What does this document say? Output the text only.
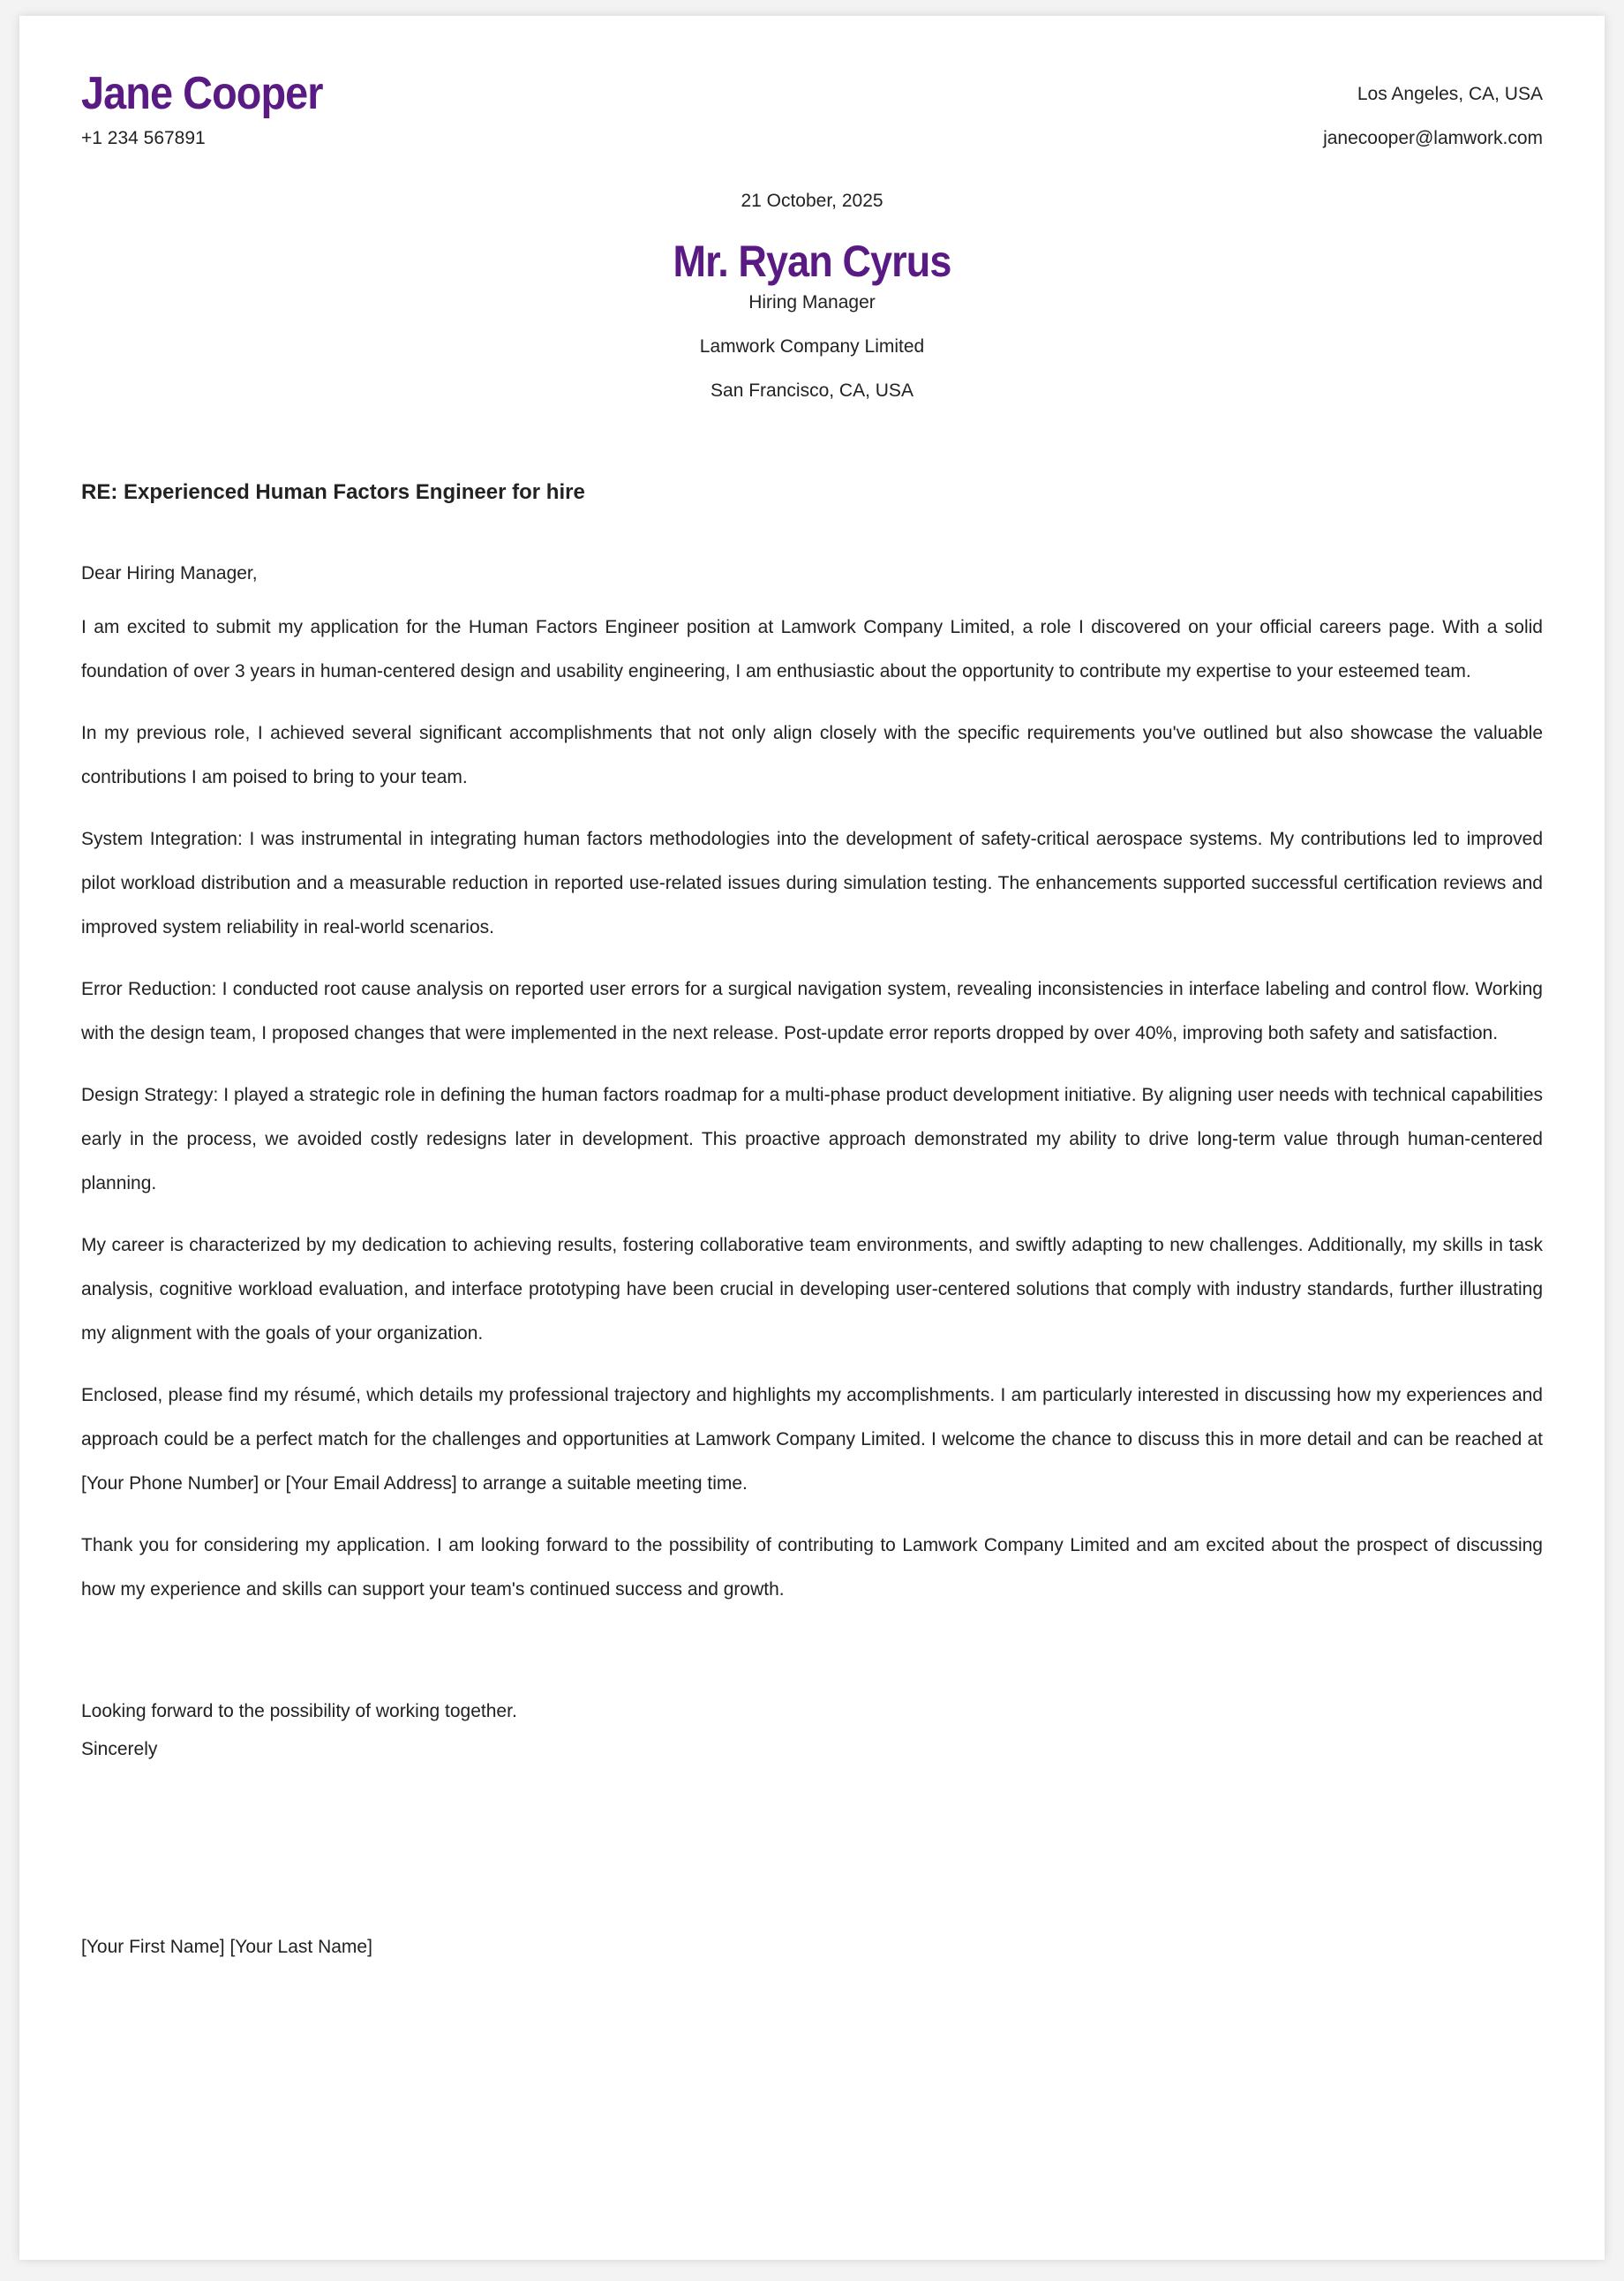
Jane Cooper
+1 234 567891
Los Angeles, CA, USA
janecooper@lamwork.com
21 October, 2025
Mr. Ryan Cyrus
Hiring Manager
Lamwork Company Limited
San Francisco, CA, USA

RE: Experienced Human Factors Engineer for hire

Dear Hiring Manager,

I am excited to submit my application for the Human Factors Engineer position at Lamwork Company Limited, a role I discovered on your official careers page. With a solid foundation of over 3 years in human-centered design and usability engineering, I am enthusiastic about the opportunity to contribute my expertise to your esteemed team.

In my previous role, I achieved several significant accomplishments that not only align closely with the specific requirements you've outlined but also showcase the valuable contributions I am poised to bring to your team.

System Integration: I was instrumental in integrating human factors methodologies into the development of safety-critical aerospace systems. My contributions led to improved pilot workload distribution and a measurable reduction in reported use-related issues during simulation testing. The enhancements supported successful certification reviews and improved system reliability in real-world scenarios.

Error Reduction: I conducted root cause analysis on reported user errors for a surgical navigation system, revealing inconsistencies in interface labeling and control flow. Working with the design team, I proposed changes that were implemented in the next release. Post-update error reports dropped by over 40%, improving both safety and satisfaction.

Design Strategy: I played a strategic role in defining the human factors roadmap for a multi-phase product development initiative. By aligning user needs with technical capabilities early in the process, we avoided costly redesigns later in development. This proactive approach demonstrated my ability to drive long-term value through human-centered planning.

My career is characterized by my dedication to achieving results, fostering collaborative team environments, and swiftly adapting to new challenges. Additionally, my skills in task analysis, cognitive workload evaluation, and interface prototyping have been crucial in developing user-centered solutions that comply with industry standards, further illustrating my alignment with the goals of your organization.

Enclosed, please find my résumé, which details my professional trajectory and highlights my accomplishments. I am particularly interested in discussing how my experiences and approach could be a perfect match for the challenges and opportunities at Lamwork Company Limited. I welcome the chance to discuss this in more detail and can be reached at [Your Phone Number] or [Your Email Address] to arrange a suitable meeting time.

Thank you for considering my application. I am looking forward to the possibility of contributing to Lamwork Company Limited and am excited about the prospect of discussing how my experience and skills can support your team's continued success and growth.

Looking forward to the possibility of working together.
Sincerely
[Your First Name] [Your Last Name]
